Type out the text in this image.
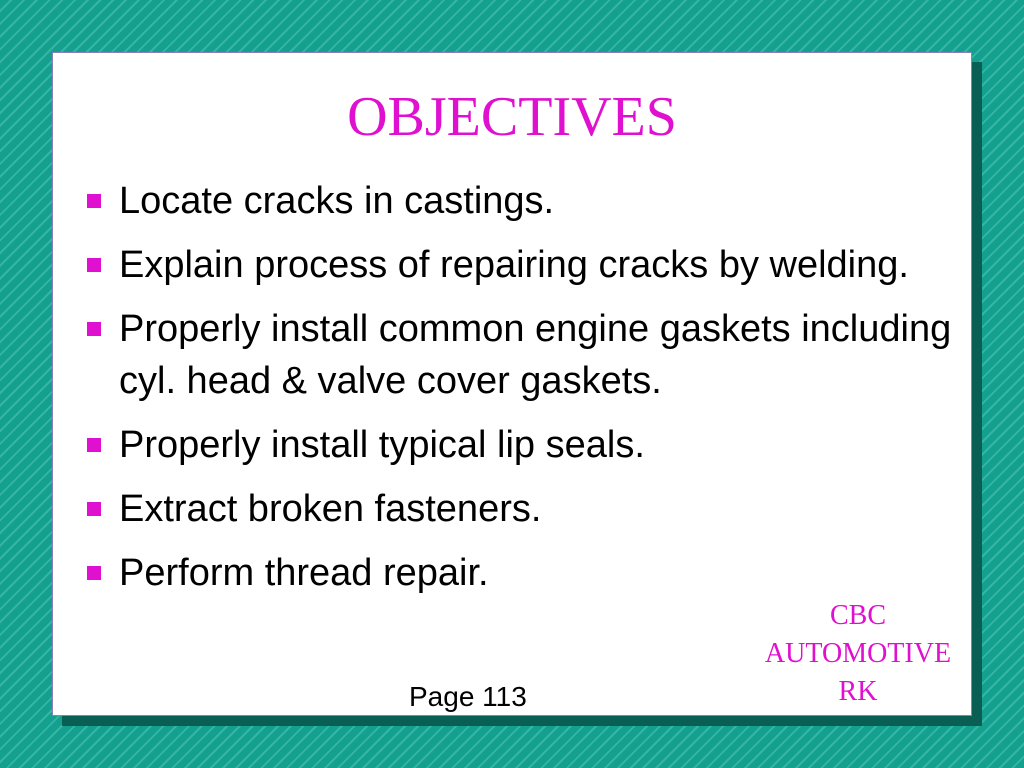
OBJECTIVES
Locate cracks in castings.
Explain process of repairing cracks by welding.
Properly install common engine gaskets including cyl. head & valve cover gaskets.
Properly install typical lip seals.
Extract broken fasteners.
Perform thread repair.
Page 113
CBC
AUTOMOTIVE
RK
